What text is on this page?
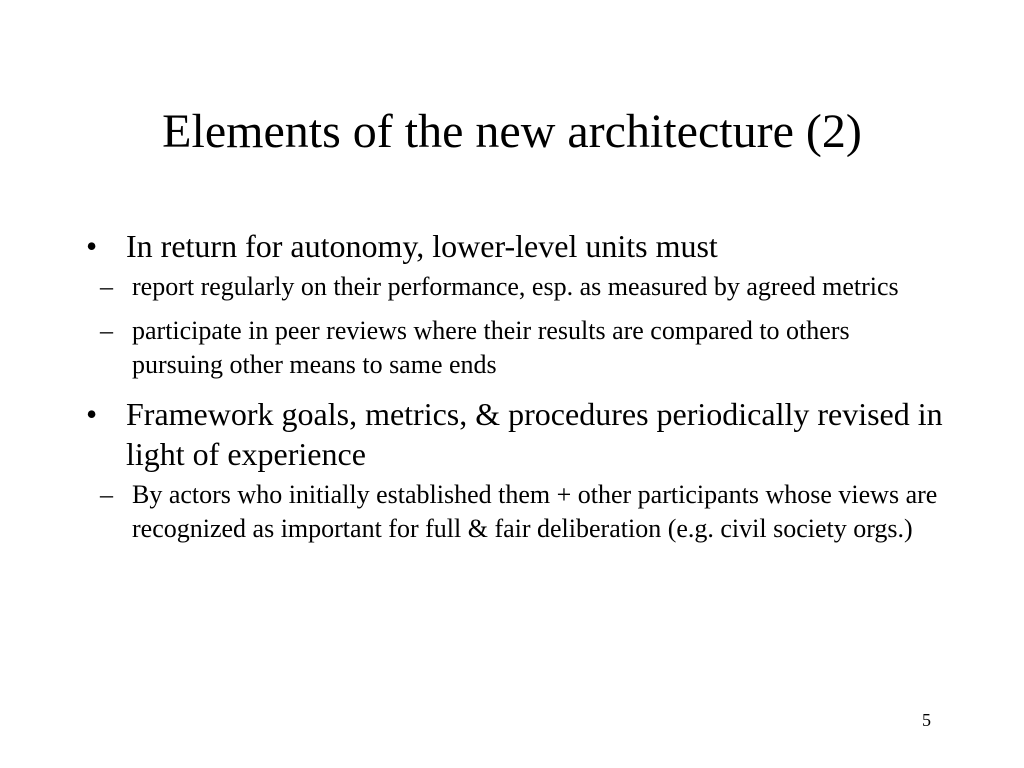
Elements of the new architecture (2)
• In return for autonomy, lower-level units must
– report regularly on their performance, esp. as measured by agreed metrics
– participate in peer reviews where their results are compared to others pursuing other means to same ends
• Framework goals, metrics, & procedures periodically revised in light of experience
– By actors who initially established them + other participants whose views are recognized as important for full & fair deliberation (e.g. civil society orgs.)
5
